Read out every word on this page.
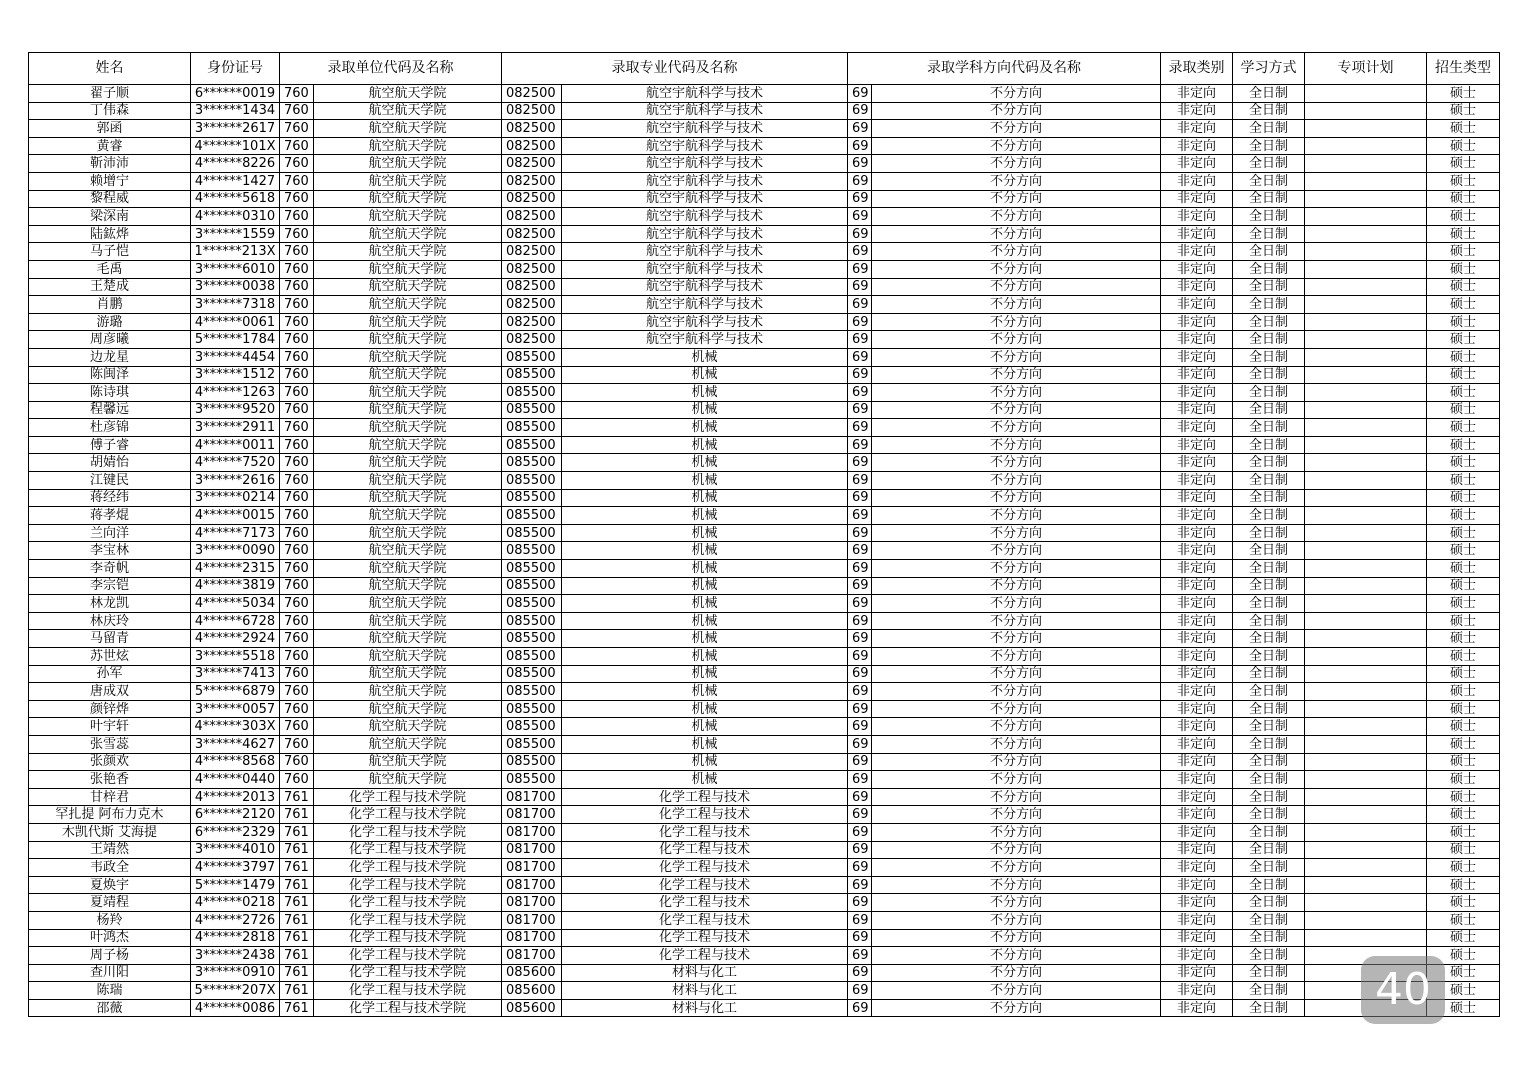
姓名	身份证号	录取单位代码及名称		录取专业代码及名称		录取学科方向代码及名称		录取类别	学习方式	专项计划	招生类型
翟子顺	6******0019	760	航空航天学院	082500	航空宇航科学与技术	69	不分方向	非定向	全日制		硕士
丁伟森	3******1434	760	航空航天学院	082500	航空宇航科学与技术	69	不分方向	非定向	全日制		硕士
郭函	3******2617	760	航空航天学院	082500	航空宇航科学与技术	69	不分方向	非定向	全日制		硕士
黄睿	4******101X	760	航空航天学院	082500	航空宇航科学与技术	69	不分方向	非定向	全日制		硕士
靳沛沛	4******8226	760	航空航天学院	082500	航空宇航科学与技术	69	不分方向	非定向	全日制		硕士
赖增宁	4******1427	760	航空航天学院	082500	航空宇航科学与技术	69	不分方向	非定向	全日制		硕士
黎程威	4******5618	760	航空航天学院	082500	航空宇航科学与技术	69	不分方向	非定向	全日制		硕士
梁深南	4******0310	760	航空航天学院	082500	航空宇航科学与技术	69	不分方向	非定向	全日制		硕士
陆鈜烨	3******1559	760	航空航天学院	082500	航空宇航科学与技术	69	不分方向	非定向	全日制		硕士
马子恺	1******213X	760	航空航天学院	082500	航空宇航科学与技术	69	不分方向	非定向	全日制		硕士
毛禹	3******6010	760	航空航天学院	082500	航空宇航科学与技术	69	不分方向	非定向	全日制		硕士
王楚成	3******0038	760	航空航天学院	082500	航空宇航科学与技术	69	不分方向	非定向	全日制		硕士
肖鹏	3******7318	760	航空航天学院	082500	航空宇航科学与技术	69	不分方向	非定向	全日制		硕士
游璐	4******0061	760	航空航天学院	082500	航空宇航科学与技术	69	不分方向	非定向	全日制		硕士
周彦曦	5******1784	760	航空航天学院	082500	航空宇航科学与技术	69	不分方向	非定向	全日制		硕士
边龙星	3******4454	760	航空航天学院	085500	机械	69	不分方向	非定向	全日制		硕士
陈闽泽	3******1512	760	航空航天学院	085500	机械	69	不分方向	非定向	全日制		硕士
陈诗琪	4******1263	760	航空航天学院	085500	机械	69	不分方向	非定向	全日制		硕士
程馨远	3******9520	760	航空航天学院	085500	机械	69	不分方向	非定向	全日制		硕士
杜彦锦	3******2911	760	航空航天学院	085500	机械	69	不分方向	非定向	全日制		硕士
傅子睿	4******0011	760	航空航天学院	085500	机械	69	不分方向	非定向	全日制		硕士
胡婧怡	4******7520	760	航空航天学院	085500	机械	69	不分方向	非定向	全日制		硕士
江键民	3******2616	760	航空航天学院	085500	机械	69	不分方向	非定向	全日制		硕士
蒋经纬	3******0214	760	航空航天学院	085500	机械	69	不分方向	非定向	全日制		硕士
蒋孝焜	4******0015	760	航空航天学院	085500	机械	69	不分方向	非定向	全日制		硕士
兰向洋	4******7173	760	航空航天学院	085500	机械	69	不分方向	非定向	全日制		硕士
李宝林	3******0090	760	航空航天学院	085500	机械	69	不分方向	非定向	全日制		硕士
李奇帆	4******2315	760	航空航天学院	085500	机械	69	不分方向	非定向	全日制		硕士
李宗铠	4******3819	760	航空航天学院	085500	机械	69	不分方向	非定向	全日制		硕士
林龙凯	4******5034	760	航空航天学院	085500	机械	69	不分方向	非定向	全日制		硕士
林庆玲	4******6728	760	航空航天学院	085500	机械	69	不分方向	非定向	全日制		硕士
马留青	4******2924	760	航空航天学院	085500	机械	69	不分方向	非定向	全日制		硕士
苏世炫	3******5518	760	航空航天学院	085500	机械	69	不分方向	非定向	全日制		硕士
孙军	3******7413	760	航空航天学院	085500	机械	69	不分方向	非定向	全日制		硕士
唐成双	5******6879	760	航空航天学院	085500	机械	69	不分方向	非定向	全日制		硕士
颜锌烨	3******0057	760	航空航天学院	085500	机械	69	不分方向	非定向	全日制		硕士
叶宇轩	4******303X	760	航空航天学院	085500	机械	69	不分方向	非定向	全日制		硕士
张雪蕊	3******4627	760	航空航天学院	085500	机械	69	不分方向	非定向	全日制		硕士
张颜欢	4******8568	760	航空航天学院	085500	机械	69	不分方向	非定向	全日制		硕士
张艳香	4******0440	760	航空航天学院	085500	机械	69	不分方向	非定向	全日制		硕士
甘梓君	4******2013	761	化学工程与技术学院	081700	化学工程与技术	69	不分方向	非定向	全日制		硕士
罕扎提 阿布力克木	6******2120	761	化学工程与技术学院	081700	化学工程与技术	69	不分方向	非定向	全日制		硕士
木凯代斯 艾海提	6******2329	761	化学工程与技术学院	081700	化学工程与技术	69	不分方向	非定向	全日制		硕士
王靖然	3******4010	761	化学工程与技术学院	081700	化学工程与技术	69	不分方向	非定向	全日制		硕士
韦政全	4******3797	761	化学工程与技术学院	081700	化学工程与技术	69	不分方向	非定向	全日制		硕士
夏焕宇	5******1479	761	化学工程与技术学院	081700	化学工程与技术	69	不分方向	非定向	全日制		硕士
夏靖程	4******0218	761	化学工程与技术学院	081700	化学工程与技术	69	不分方向	非定向	全日制		硕士
杨羚	4******2726	761	化学工程与技术学院	081700	化学工程与技术	69	不分方向	非定向	全日制		硕士
叶鸿杰	4******2818	761	化学工程与技术学院	081700	化学工程与技术	69	不分方向	非定向	全日制		硕士
周子杨	3******2438	761	化学工程与技术学院	081700	化学工程与技术	69	不分方向	非定向	全日制		硕士
查川阳	3******0910	761	化学工程与技术学院	085600	材料与化工	69	不分方向	非定向	全日制		硕士
陈瑞	5******207X	761	化学工程与技术学院	085600	材料与化工	69	不分方向	非定向	全日制		硕士
邵薇	4******0086	761	化学工程与技术学院	085600	材料与化工	69	不分方向	非定向	全日制		硕士
40
